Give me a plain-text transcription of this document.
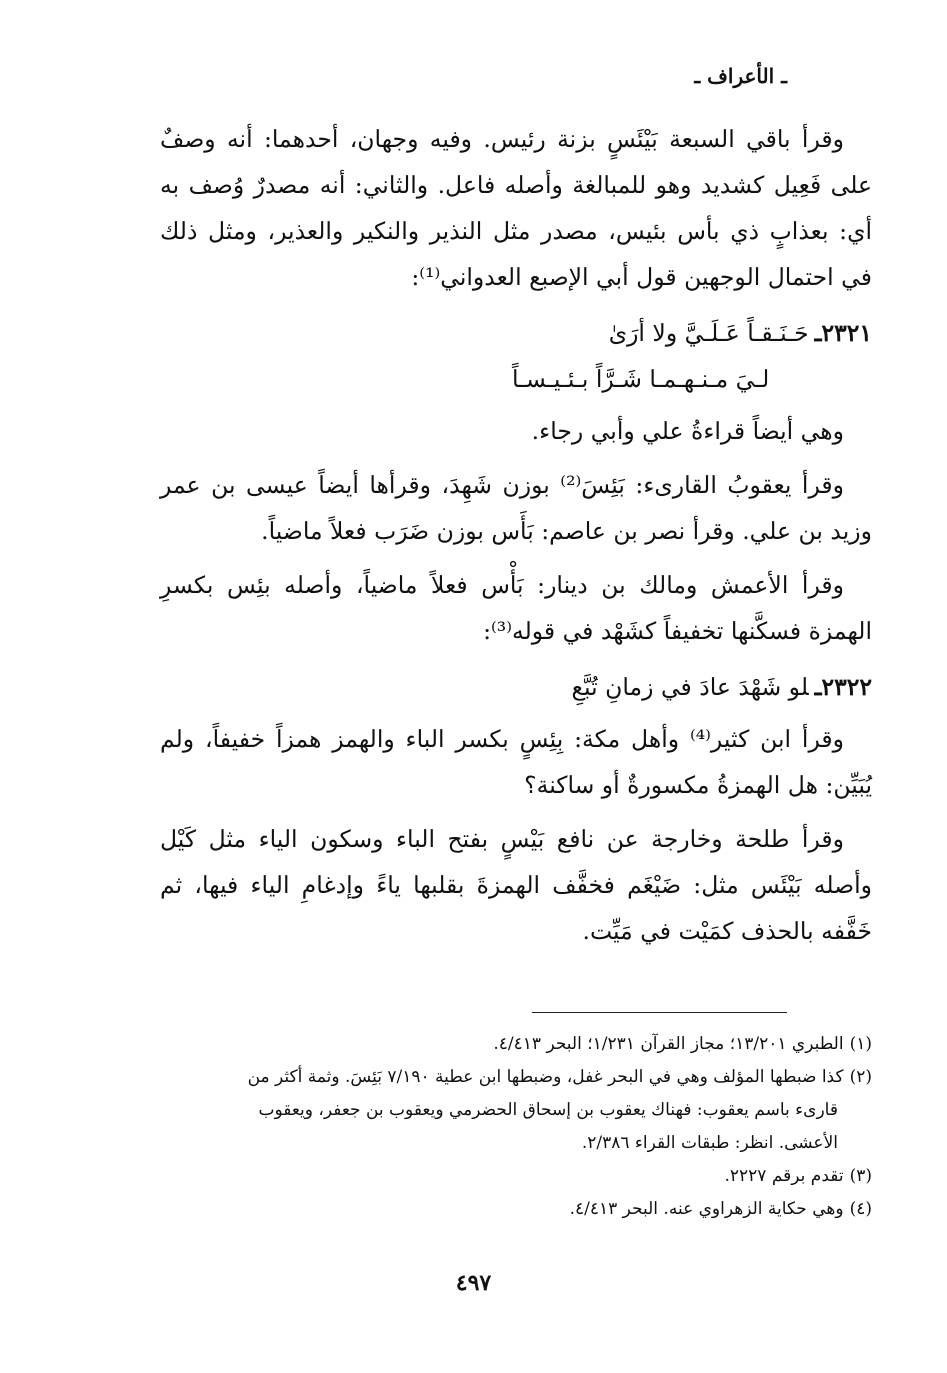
ـ الأعراف ـ

وقرأ باقي السبعة بَيْئَسٍ بزنة رئيس. وفيه وجهان، أحدهما: أنه وصفٌ على فَعِيل كشديد وهو للمبالغة وأصله فاعل. والثاني: أنه مصدرٌ وُصف به أي: بعذابٍ ذي بأس بئيس، مصدر مثل النذير والنكير والعذير، ومثل ذلك في احتمال الوجهين قول أبي الإصبع العدواني⁽¹⁾:

٢٣٢١ـحَـنَـقـاً عَـلَـيَّ ولا أرَىٰلـيَ مـنـهـمـا شَـرَّاً بـئـيـسـاً

وهي أيضاً قراءةُ علي وأبي رجاء.

وقرأ يعقوبُ القارىء: بَئِسَ⁽²⁾ بوزن شَهِدَ، وقرأها أيضاً عيسى بن عمر وزيد بن علي. وقرأ نصر بن عاصم: بَأَس بوزن ضَرَب فعلاً ماضياً.

وقرأ الأعمش ومالك بن دينار: بَأْس فعلاً ماضياً، وأصله بئِس بكسرِ الهمزة فسكَّنها تخفيفاً كشَهْد في قوله⁽³⁾:

٢٣٢٢ـلو شَهْدَ عادَ في زمانِ تُبَّعِ

وقرأ ابن كثير⁽⁴⁾ وأهل مكة: بِئِسٍ بكسر الباء والهمز همزاً خفيفاً، ولم يُبَيِّن: هل الهمزةُ مكسورةٌ أو ساكنة؟

وقرأ طلحة وخارجة عن نافع بَيْسٍ بفتح الباء وسكون الياء مثل كَيْل وأصله بَيْئَس مثل: ضَيْغَم فخفَّف الهمزةَ بقلبها ياءً وإدغامِ الياء فيها، ثم خَفَّفه بالحذف كمَيْت في مَيِّت.

(١)الطبري ١٣/٢٠١؛ مجاز القرآن ١/٢٣١؛ البحر ٤/٤١٣.

(٢)كذا ضبطها المؤلف وهي في البحر غفل، وضبطها ابن عطية ٧/١٩٠ بَئِسَ. وثمة أكثر من

قارىء باسم يعقوب: فهناك يعقوب بن إسحاق الحضرمي ويعقوب بن جعفر، ويعقوب

الأعشى. انظر: طبقات القراء ٢/٣٨٦.

(٣)تقدم برقم ٢٢٢٧.

(٤)وهي حكاية الزهراوي عنه. البحر ٤/٤١٣.

٤٩٧
